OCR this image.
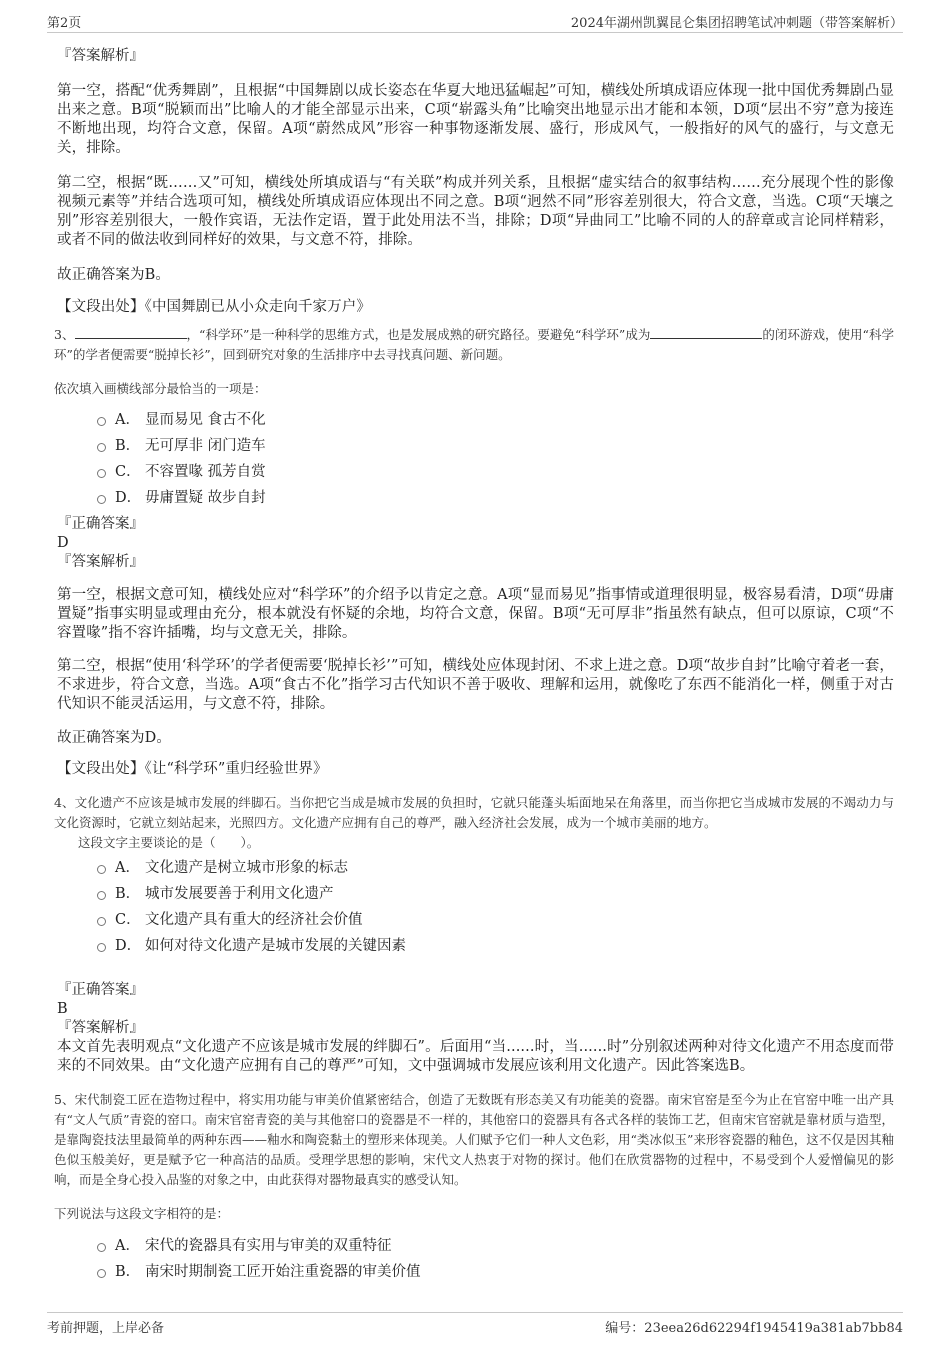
第2页	2024年湖州凯翼昆仑集团招聘笔试冲刺题（带答案解析）

『答案解析』

第一空，搭配“优秀舞剧”，且根据“中国舞剧以成长姿态在华夏大地迅猛崛起”可知，横线处所填成语应体现一批中国优秀舞剧凸显出来之意。B项“脱颖而出”比喻人的才能全部显示出来，C项“崭露头角”比喻突出地显示出才能和本领，D项“层出不穷”意为接连不断地出现，均符合文意，保留。A项“蔚然成风”形容一种事物逐渐发展、盛行，形成风气，一般指好的风气的盛行，与文意无关，排除。

第二空，根据“既……又”可知，横线处所填成语与“有关联”构成并列关系，且根据“虚实结合的叙事结构……充分展现个性的影像视频元素等”并结合选项可知，横线处所填成语应体现出不同之意。B项“迥然不同”形容差别很大，符合文意，当选。C项“天壤之别”形容差别很大，一般作宾语，无法作定语，置于此处用法不当，排除；D项“异曲同工”比喻不同的人的辞章或言论同样精彩，或者不同的做法收到同样好的效果，与文意不符，排除。

故正确答案为B。

【文段出处】《中国舞剧已从小众走向千家万户》

3、	，“科学环”是一种科学的思维方式，也是发展成熟的研究路径。要避免“科学环”成为	的闭环游戏，使用“科学环”的学者便需要“脱掉长衫”，回到研究对象的生活排序中去寻找真问题、新问题。

依次填入画横线部分最恰当的一项是：

A． 显而易见 食古不化
B． 无可厚非 闭门造车
C． 不容置喙 孤芳自赏
D． 毋庸置疑 故步自封

『正确答案』

D

『答案解析』

第一空，根据文意可知，横线处应对“科学环”的介绍予以肯定之意。A项“显而易见”指事情或道理很明显，极容易看清，D项“毋庸置疑”指事实明显或理由充分，根本就没有怀疑的余地，均符合文意，保留。B项“无可厚非”指虽然有缺点，但可以原谅，C项“不容置喙”指不容许插嘴，均与文意无关，排除。

第二空，根据“使用‘科学环’的学者便需要‘脱掉长衫’”可知，横线处应体现封闭、不求上进之意。D项“故步自封”比喻守着老一套，不求进步，符合文意，当选。A项“食古不化”指学习古代知识不善于吸收、理解和运用，就像吃了东西不能消化一样，侧重于对古代知识不能灵活运用，与文意不符，排除。

故正确答案为D。

【文段出处】《让“科学环”重归经验世界》

4、文化遗产不应该是城市发展的绊脚石。当你把它当成是城市发展的负担时，它就只能蓬头垢面地呆在角落里，而当你把它当成城市发展的不竭动力与文化资源时，它就立刻站起来，光照四方。文化遗产应拥有自己的尊严，融入经济社会发展，成为一个城市美丽的地方。

这段文字主要谈论的是（　　）。

A． 文化遗产是树立城市形象的标志
B． 城市发展要善于利用文化遗产
C． 文化遗产具有重大的经济社会价值
D． 如何对待文化遗产是城市发展的关键因素

『正确答案』

B

『答案解析』

本文首先表明观点“文化遗产不应该是城市发展的绊脚石”。后面用“当......时，当......时”分别叙述两种对待文化遗产不用态度而带来的不同效果。由“文化遗产应拥有自己的尊严”可知，文中强调城市发展应该利用文化遗产。因此答案选B。

5、宋代制瓷工匠在造物过程中，将实用功能与审美价值紧密结合，创造了无数既有形态美又有功能美的瓷器。南宋官窑是至今为止在官窑中唯一出产具有“文人气质”青瓷的窑口。南宋官窑青瓷的美与其他窑口的瓷器是不一样的，其他窑口的瓷器具有各式各样的装饰工艺，但南宋官窑就是靠材质与造型，是靠陶瓷技法里最简单的两种东西——釉水和陶瓷黏土的塑形来体现美。人们赋予它们一种人文色彩，用“类冰似玉”来形容瓷器的釉色，这不仅是因其釉色似玉般美好，更是赋予它一种高洁的品质。受理学思想的影响，宋代文人热衷于对物的探讨。他们在欣赏器物的过程中，不易受到个人爱憎偏见的影响，而是全身心投入品鉴的对象之中，由此获得对器物最真实的感受认知。

下列说法与这段文字相符的是：

A． 宋代的瓷器具有实用与审美的双重特征
B． 南宋时期制瓷工匠开始注重瓷器的审美价值
考前押题，上岸必备	编号：23eea26d62294f1945419a381ab7bb84
